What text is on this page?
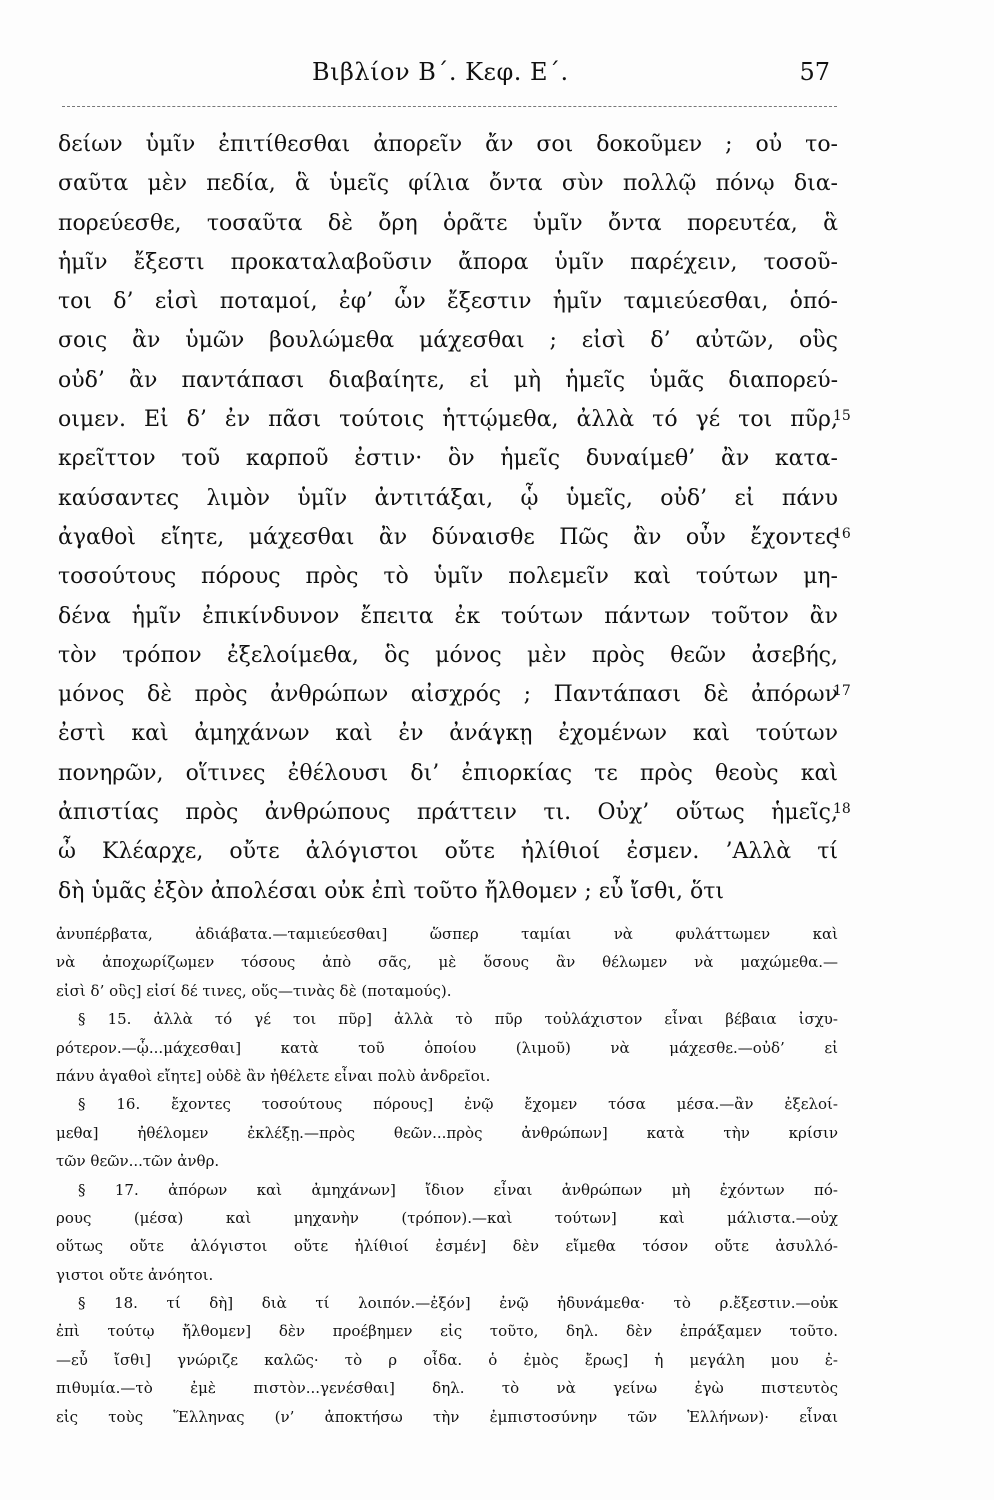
Βιβλίον Β΄. Κεφ. Ε΄.	57
δείων ὑμῖν ἐπιτίθεσθαι ἀπορεῖν ἄν σοι δοκοῦμεν ; οὐ το-
σαῦτα μὲν πεδία, ἃ ὑμεῖς φίλια ὄντα σὺν πολλῷ πόνῳ δια-
πορεύεσθε, τοσαῦτα δὲ ὄρη ὁρᾶτε ὑμῖν ὄντα πορευτέα, ἃ
ἡμῖν ἔξεστι προκαταλαβοῦσιν ἄπορα ὑμῖν παρέχειν, τοσοῦ-
τοι δ’ εἰσὶ ποταμοί, ἐφ’ ὧν ἔξεστιν ἡμῖν ταμιεύεσθαι, ὁπό-
σοις ἂν ὑμῶν βουλώμεθα μάχεσθαι ; εἰσὶ δ’ αὐτῶν, οὓς
οὐδ’ ἂν παντάπασι διαβαίητε, εἰ μὴ ἡμεῖς ὑμᾶς διαπορεύ-
οιμεν. Εἰ δ’ ἐν πᾶσι τούτοις ἡττῴμεθα, ἀλλὰ τό γέ τοι πῦρ,
κρεῖττον τοῦ καρποῦ ἐστιν· ὃν ἡμεῖς δυναίμεθ’ ἂν κατα-
καύσαντες λιμὸν ὑμῖν ἀντιτάξαι, ᾧ ὑμεῖς, οὐδ’ εἰ πάνυ
ἀγαθοὶ εἴητε, μάχεσθαι ἂν δύναισθε Πῶς ἂν οὖν ἔχοντες
τοσούτους πόρους πρὸς τὸ ὑμῖν πολεμεῖν καὶ τούτων μη-
δένα ἡμῖν ἐπικίνδυνον ἔπειτα ἐκ τούτων πάντων τοῦτον ἂν
τὸν τρόπον ἐξελοίμεθα, ὃς μόνος μὲν πρὸς θεῶν ἀσεβής,
μόνος δὲ πρὸς ἀνθρώπων αἰσχρός ; Παντάπασι δὲ ἀπόρων
ἐστὶ καὶ ἀμηχάνων καὶ ἐν ἀνάγκῃ ἐχομένων καὶ τούτων
πονηρῶν, οἵτινες ἐθέλουσι δι’ ἐπιορκίας τε πρὸς θεοὺς καὶ
ἀπιστίας πρὸς ἀνθρώπους πράττειν τι. Οὐχ’ οὕτως ἡμεῖς,
ὦ Κλέαρχε, οὔτε ἀλόγιστοι οὔτε ἠλίθιοί ἐσμεν. ’Αλλὰ τί
δὴ ὑμᾶς ἐξὸν ἀπολέσαι οὐκ ἐπὶ τοῦτο ἤλθομεν ; εὖ ἴσθι, ὅτι
15
16
17
18
ἀνυπέρβατα, ἀδιάβατα.—ταμιεύεσθαι] ὥσπερ ταμίαι νὰ φυλάττωμεν καὶ
νὰ ἀποχωρίζωμεν τόσους ἀπὸ σᾶς, μὲ ὅσους ἂν θέλωμεν νὰ μαχώμεθα.—
εἰσὶ δ’ οὓς] εἰσί δέ τινες, οὕς—τινὰς δὲ (ποταμούς).
§ 15. ἀλλὰ τό γέ τοι πῦρ] ἀλλὰ τὸ πῦρ τοὐλάχιστον εἶναι βέβαια ἰσχυ-
ρότερον.—ᾧ...μάχεσθαι] κατὰ τοῦ ὁποίου (λιμοῦ) νὰ μάχεσθε.—οὐδ’ εἰ
πάνυ ἀγαθοὶ εἴητε] οὐδὲ ἂν ἠθέλετε εἶναι πολὺ ἀνδρεῖοι.
§ 16. ἔχοντες τοσούτους πόρους] ἐνῷ ἔχομεν τόσα μέσα.—ἂν ἐξελοί-
μεθα] ἠθέλομεν ἐκλέξῃ.—πρὸς θεῶν...πρὸς ἀνθρώπων] κατὰ τὴν κρίσιν
τῶν θεῶν...τῶν ἀνθρ.
§ 17. ἀπόρων καὶ ἀμηχάνων] ἴδιον εἶναι ἀνθρώπων μὴ ἐχόντων πό-
ρους (μέσα) καὶ μηχανὴν (τρόπον).—καὶ τούτων] καὶ μάλιστα.—οὐχ
οὕτως οὔτε ἀλόγιστοι οὔτε ἠλίθιοί ἐσμέν] δὲν εἴμεθα τόσον οὔτε ἀσυλλό-
γιστοι οὔτε ἀνόητοι.
§ 18. τί δὴ] διὰ τί λοιπόν.—ἐξόν] ἐνῷ ἠδυνάμεθα· τὸ ρ.ἔξεστιν.—οὐκ
ἐπὶ τούτῳ ἤλθομεν] δὲν προέβημεν εἰς τοῦτο, δηλ. δὲν ἐπράξαμεν τοῦτο.
—εὖ ἴσθι] γνώριζε καλῶς· τὸ ρ οἶδα. ὁ ἐμὸς ἔρως] ἡ μεγάλη μου ἐ-
πιθυμία.—τὸ ἐμὲ πιστὸν...γενέσθαι] δηλ. τὸ νὰ γείνω ἐγὼ πιστευτὸς
εἰς τοὺς Ἕλληνας (ν’ ἀποκτήσω τὴν ἐμπιστοσύνην τῶν Ἑλλήνων)· εἶναι
